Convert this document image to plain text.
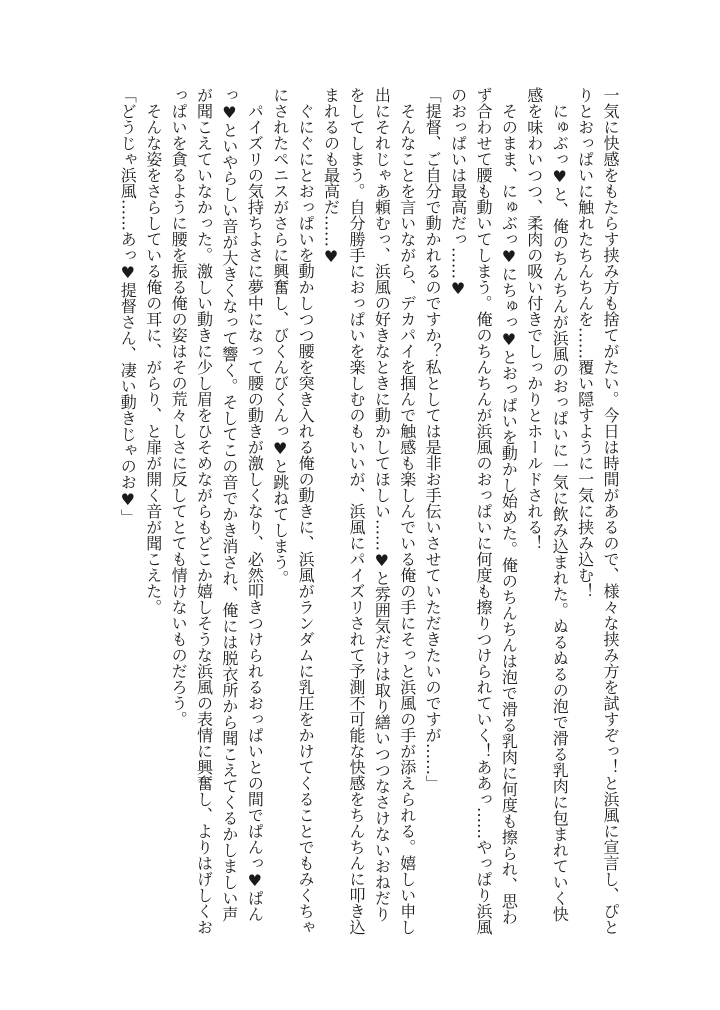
一気に快感をもたらす挟み方も捨てがたい。今日は時間があるので、様々な挟み方を試すぞっ！と浜風に宣言し、ぴとりとおっぱいに触れたちんちんを……覆い隠すように一気に挟み込む！

にゅぶっ♥と、俺のちんちんが浜風のおっぱいに一気に飲み込まれた。ぬるぬるの泡で滑る乳肉に包まれていく快感を味わいつつ、柔肉の吸い付きでしっかりとホールドされる！

そのまま、にゅぶっ♥にちゅっ♥とおっぱいを動かし始めた。俺のちんちんは泡で滑る乳肉に何度も擦られ、思わず合わせて腰も動いてしまう。俺のちんちんが浜風のおっぱいに何度も擦りつけられていく！ああっ……やっぱり浜風のおっぱいは最高だっ……♥

「提督、ご自分で動かれるのですか？私としては是非お手伝いさせていただきたいのですが……」

そんなことを言いながら、デカパイを掴んで触感も楽しんでいる俺の手にそっと浜風の手が添えられる。嬉しい申し出にそれじゃあ頼むっ、浜風の好きなときに動かしてほしい……♥と雰囲気だけは取り繕いつつなさけないおねだりをしてしまう。自分勝手におっぱいを楽しむのもいいが、浜風にパイズリされて予測不可能な快感をちんちんに叩き込まれるのも最高だ……♥

ぐにぐにとおっぱいを動かしつつ腰を突き入れる俺の動きに、浜風がランダムに乳圧をかけてくることでもみくちゃにされたペニスがさらに興奮し、びくんびくんっ♥と跳ねてしまう。

パイズリの気持ちよさに夢中になって腰の動きが激しくなり、必然叩きつけられるおっぱいとの間でぱんっ♥ぱんっ♥といやらしい音が大きくなって響く。そしてこの音でかき消され、俺には脱衣所から聞こえてくるかしましい声が聞こえていなかった。激しい動きに少し眉をひそめながらもどこか嬉しそうな浜風の表情に興奮し、よりはげしくおっぱいを貪るように腰を振る俺の姿はその荒々しさに反してとても情けないものだろう。

そんな姿をさらしている俺の耳に、がらり、と扉が開く音が聞こえた。

「どうじゃ浜風……あっ♥提督さん、凄い動きじゃのお♥」
